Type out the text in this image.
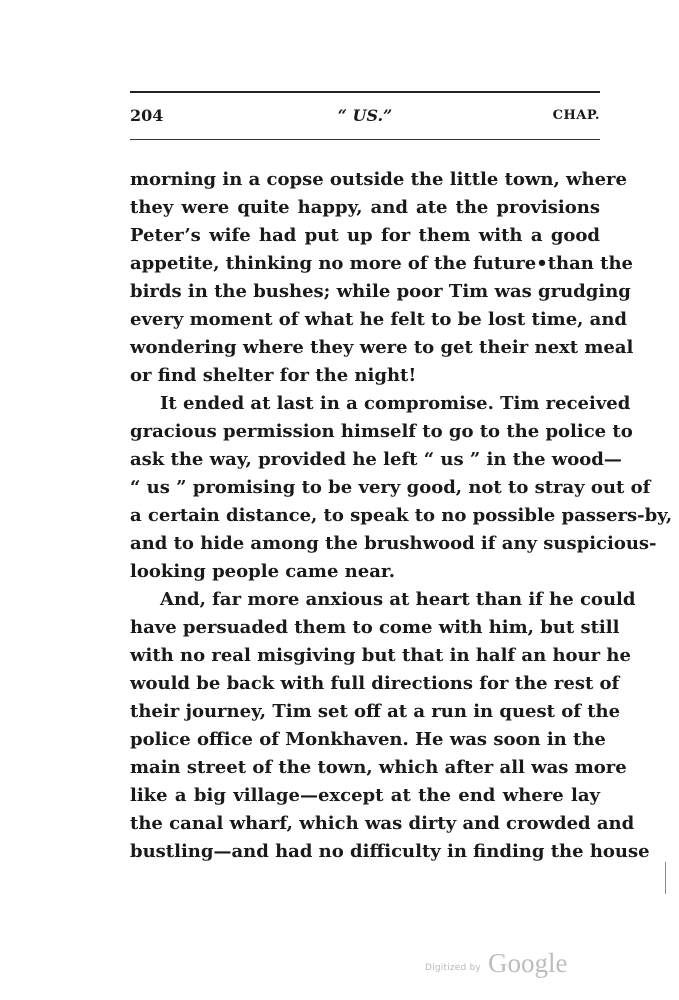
204	“ US.”	CHAP.
morning in a copse outside the little town, where
they were quite happy, and ate the provisions
Peter’s wife had put up for them with a good
appetite, thinking no more of the future•than the
birds in the bushes; while poor Tim was grudging
every moment of what he felt to be lost time, and
wondering where they were to get their next meal
or find shelter for the night!
It ended at last in a compromise. Tim received
gracious permission himself to go to the police to
ask the way, provided he left “ us ” in the wood—
“ us ” promising to be very good, not to stray out of
a certain distance, to speak to no possible passers-by,
and to hide among the brushwood if any suspicious-
looking people came near.
And, far more anxious at heart than if he could
have persuaded them to come with him, but still
with no real misgiving but that in half an hour he
would be back with full directions for the rest of
their journey, Tim set off at a run in quest of the
police office of Monkhaven. He was soon in the
main street of the town, which after all was more
like a big village—except at the end where lay
the canal wharf, which was dirty and crowded and
bustling—and had no difficulty in finding the house
Digitized by Google
